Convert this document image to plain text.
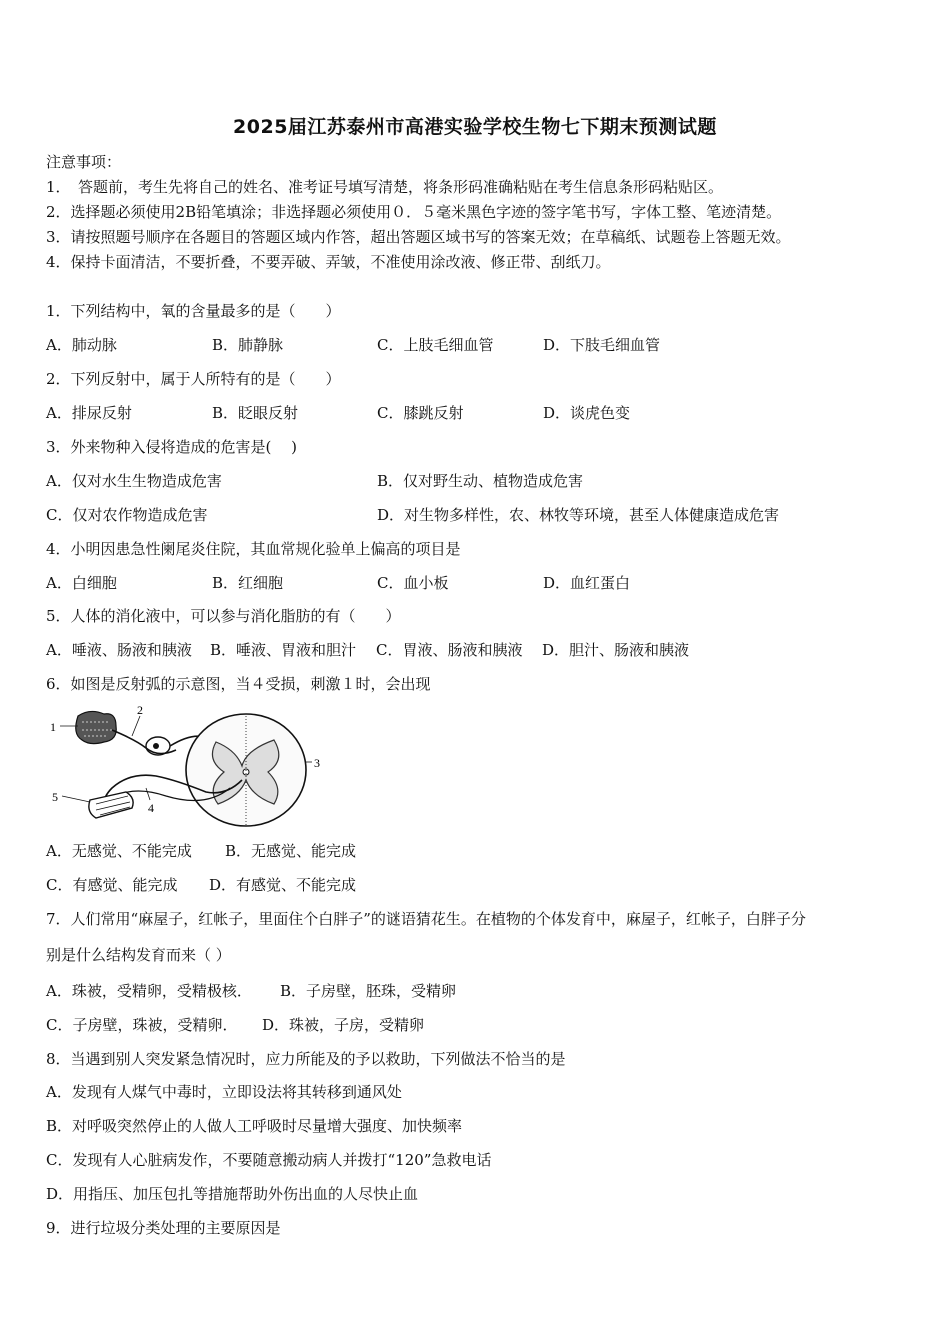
2025届江苏泰州市高港实验学校生物七下期末预测试题
注意事项：
1．　答题前，考生先将自己的姓名、准考证号填写清楚，将条形码准确粘贴在考生信息条形码粘贴区。
2．选择题必须使用2B铅笔填涂；非选择题必须使用０．５毫米黑色字迹的签字笔书写，字体工整、笔迹清楚。
3．请按照题号顺序在各题目的答题区域内作答，超出答题区域书写的答案无效；在草稿纸、试题卷上答题无效。
4．保持卡面清洁，不要折叠，不要弄破、弄皱，不准使用涂改液、修正带、刮纸刀。
1．下列结构中，氧的含量最多的是（　　）
A．肺动脉	B．肺静脉	C．上肢毛细血管	D．下肢毛细血管
2．下列反射中，属于人所特有的是（　　）
A．排尿反射	B．眨眼反射	C．膝跳反射	D．谈虎色变
3．外来物种入侵将造成的危害是(　 )
A．仅对水生生物造成危害	B．仅对野生动、植物造成危害
C．仅对农作物造成危害	D．对生物多样性，农、林牧等环境，甚至人体健康造成危害
4．小明因患急性阑尾炎住院，其血常规化验单上偏高的项目是
A．白细胞	B．红细胞	C．血小板	D．血红蛋白
5．人体的消化液中，可以参与消化脂肪的有（　　）
A．唾液、肠液和胰液 B．唾液、胃液和胆汁 C．胃液、肠液和胰液 D．胆汁、肠液和胰液
6．如图是反射弧的示意图，当４受损，刺激１时，会出现
1
2
3
4
5
A．无感觉、不能完成 B．无感觉、能完成
C．有感觉、能完成 D．有感觉、不能完成
7．人们常用“麻屋子，红帐子，里面住个白胖子”的谜语猜花生。在植物的个体发育中，麻屋子，红帐子，白胖子分
别是什么结构发育而来（ ）
A．珠被，受精卵，受精极核． B．子房壁，胚珠，受精卵
C．子房壁，珠被，受精卵． D．珠被，子房，受精卵
8．当遇到别人突发紧急情况时，应力所能及的予以救助，下列做法不恰当的是
A．发现有人煤气中毒时，立即设法将其转移到通风处
B．对呼吸突然停止的人做人工呼吸时尽量增大强度、加快频率
C．发现有人心脏病发作，不要随意搬动病人并拨打“120”急救电话
D．用指压、加压包扎等措施帮助外伤出血的人尽快止血
9．进行垃圾分类处理的主要原因是
